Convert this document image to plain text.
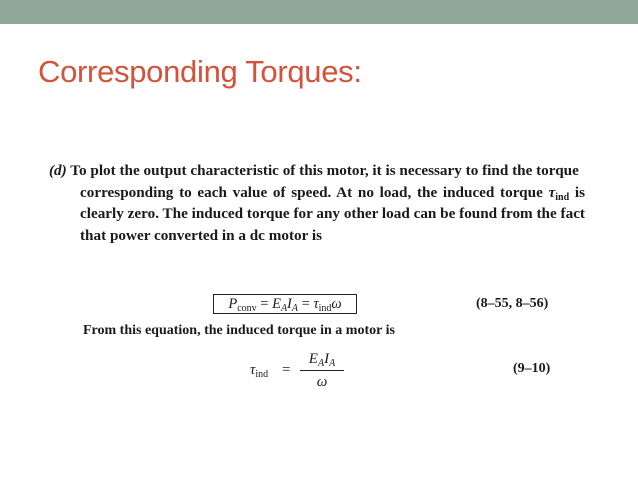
Corresponding Torques:
(d) To plot the output characteristic of this motor, it is necessary to find the torque
corresponding to each value of speed. At no load, the induced torque $\tau_{ind}$ is
clearly zero. The induced torque for any other load can be found from the fact
that power converted in a dc motor is
$P_{conv} = E_AI_A = \tau_{ind}\omega$	(8–55, 8–56)
From this equation, the induced torque in a motor is
$\tau_{ind}$ =
$E_AI_A$
ω
(9–10)
